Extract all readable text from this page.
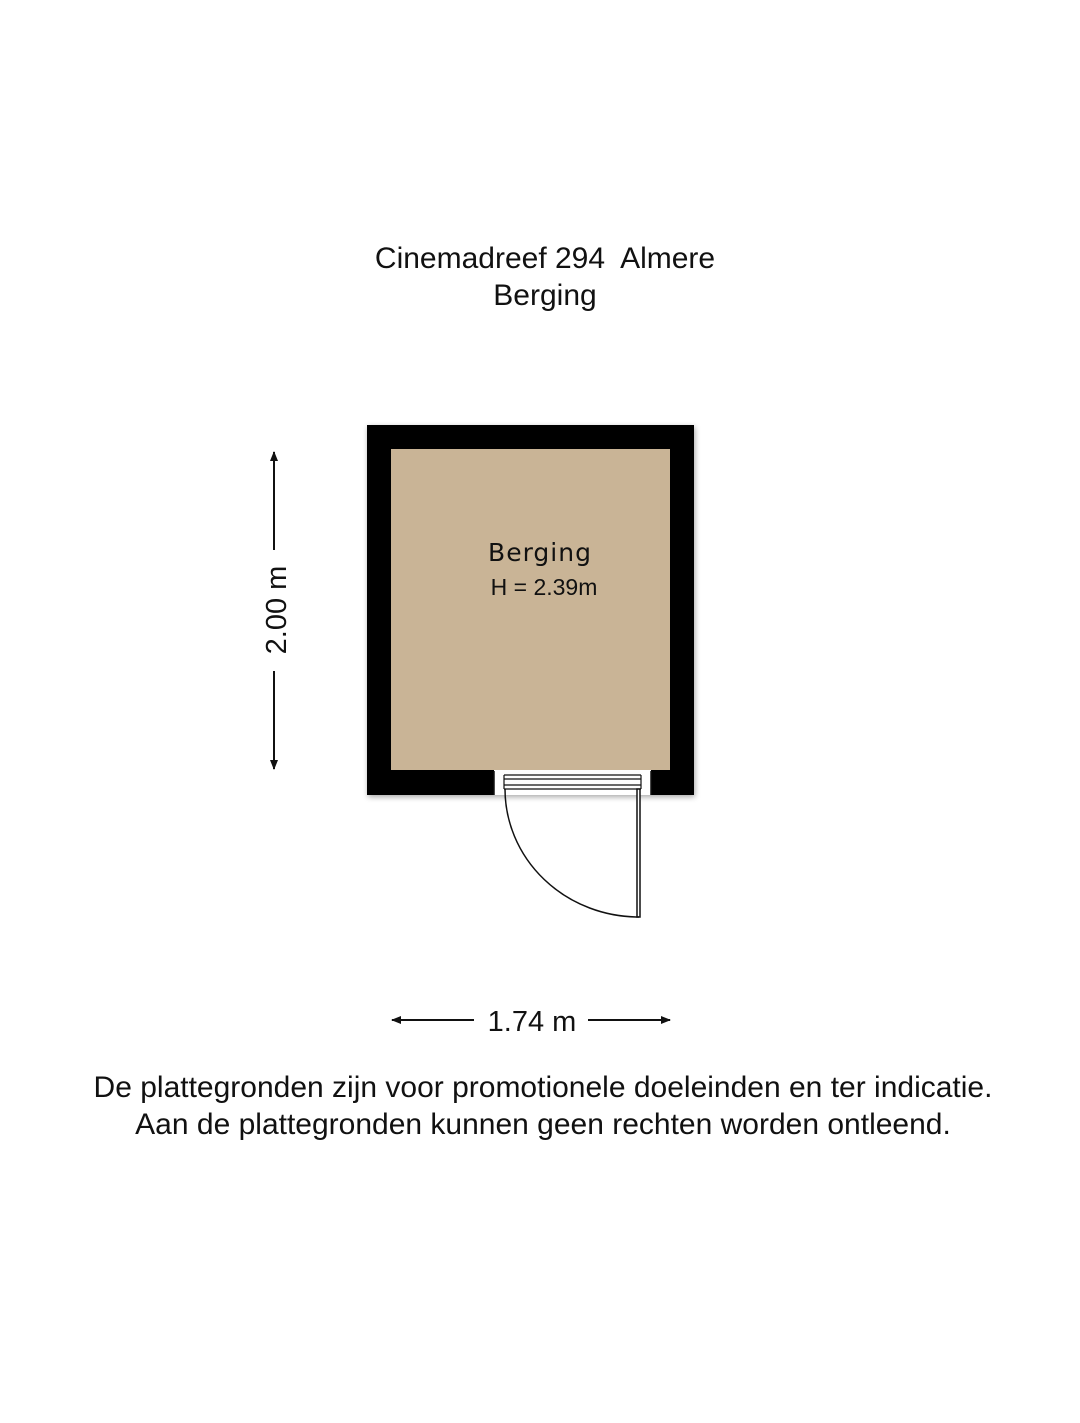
Cinemadreef 294  Almere
Berging
Berging
H = 2.39m
2.00 m
1.74 m
De plattegronden zijn voor promotionele doeleinden en ter indicatie.
Aan de plattegronden kunnen geen rechten worden ontleend.
